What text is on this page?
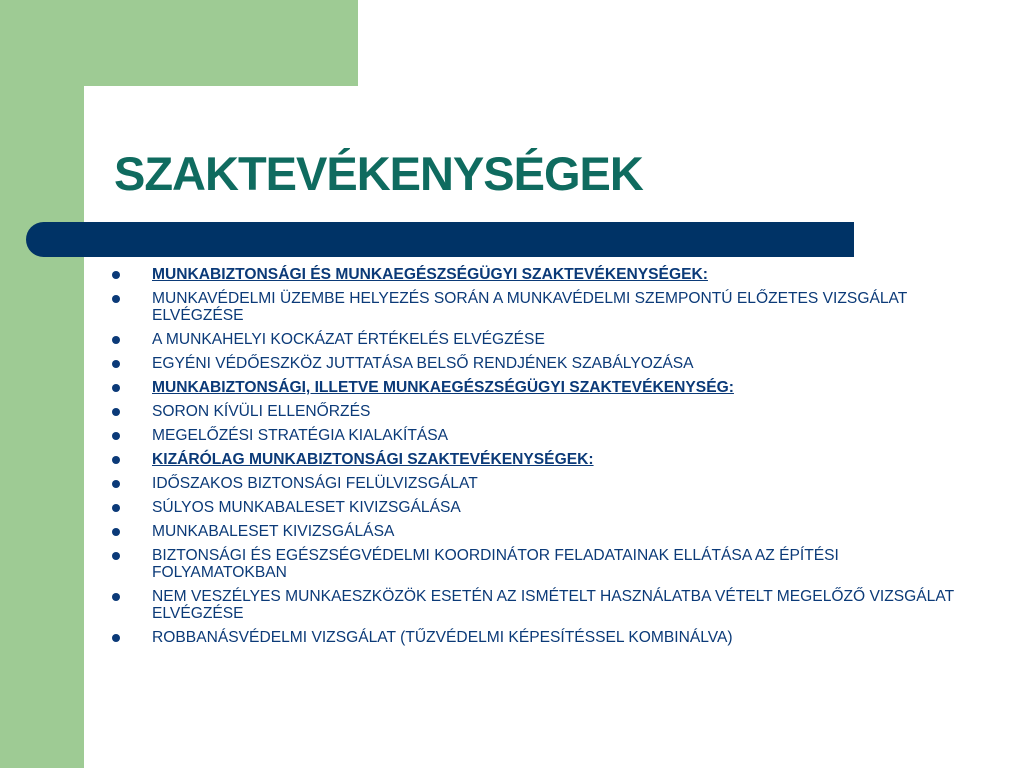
SZAKTEVÉKENYSÉGEK
MUNKABIZTONSÁGI ÉS MUNKAEGÉSZSÉGÜGYI SZAKTEVÉKENYSÉGEK:
MUNKAVÉDELMI ÜZEMBE HELYEZÉS SORÁN A MUNKAVÉDELMI SZEMPONTÚ ELŐZETES VIZSGÁLAT ELVÉGZÉSE
A MUNKAHELYI KOCKÁZAT ÉRTÉKELÉS ELVÉGZÉSE
EGYÉNI VÉDŐESZKÖZ JUTTATÁSA BELSŐ RENDJÉNEK SZABÁLYOZÁSA
MUNKABIZTONSÁGI, ILLETVE MUNKAEGÉSZSÉGÜGYI SZAKTEVÉKENYSÉG:
SORON KÍVÜLI ELLENŐRZÉS
MEGELŐZÉSI STRATÉGIA KIALAKÍTÁSA
KIZÁRÓLAG MUNKABIZTONSÁGI SZAKTEVÉKENYSÉGEK:
IDŐSZAKOS BIZTONSÁGI FELÜLVIZSGÁLAT
SÚLYOS MUNKABALESET KIVIZSGÁLÁSA
MUNKABALESET KIVIZSGÁLÁSA
BIZTONSÁGI ÉS EGÉSZSÉGVÉDELMI KOORDINÁTOR FELADATAINAK ELLÁTÁSA AZ ÉPÍTÉSI FOLYAMATOKBAN
NEM VESZÉLYES MUNKAESZKÖZÖK ESETÉN AZ ISMÉTELT HASZNÁLATBA VÉTELT MEGELŐZŐ VIZSGÁLAT ELVÉGZÉSE
ROBBANÁSVÉDELMI VIZSGÁLAT (TŰZVÉDELMI KÉPESÍTÉSSEL KOMBINÁLVA)
